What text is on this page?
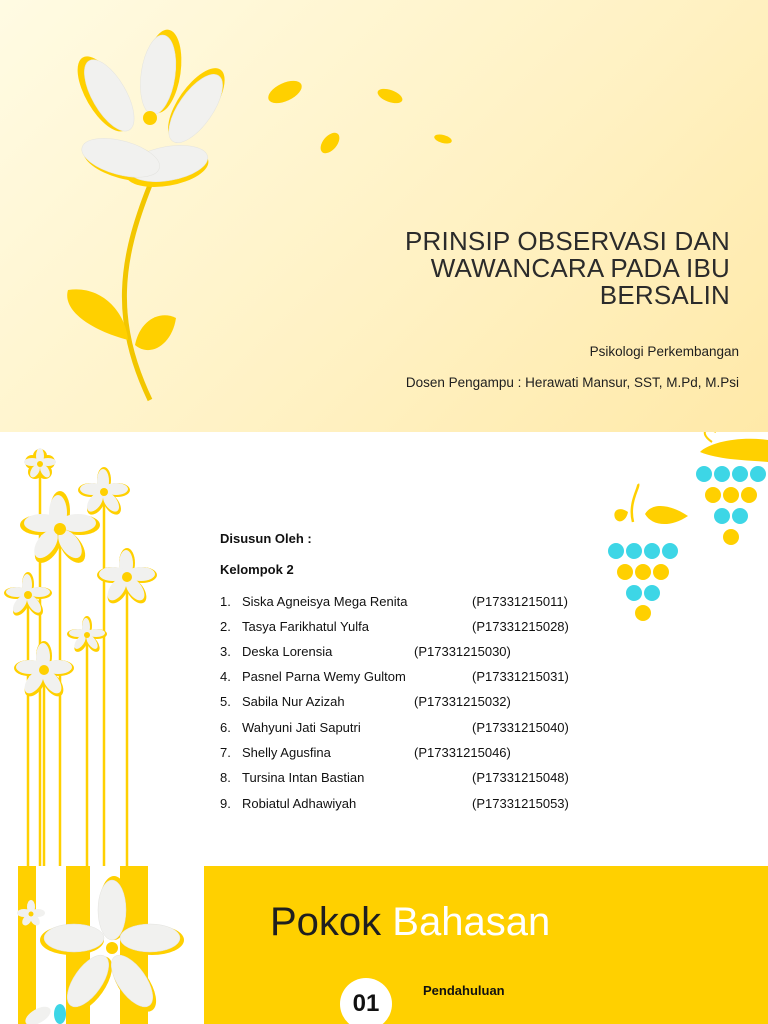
PRINSIP OBSERVASI DAN
WAWANCARA PADA IBU
BERSALIN
Psikologi Perkembangan
Dosen Pengampu : Herawati Mansur, SST, M.Pd, M.Psi
Disusun Oleh :
Kelompok 2
1. Siska Agneisya Mega Renita	(P17331215011)
2. Tasya Farikhatul Yulfa	(P17331215028)
3. Deska Lorensia	(P17331215030)
4. Pasnel Parna Wemy Gultom	(P17331215031)
5. Sabila Nur Azizah	(P17331215032)
6. Wahyuni Jati Saputri	(P17331215040)
7. Shelly Agusfina	(P17331215046)
8. Tursina Intan Bastian	(P17331215048)
9. Robiatul Adhawiyah	(P17331215053)
Pokok Bahasan
01	Pendahuluan
